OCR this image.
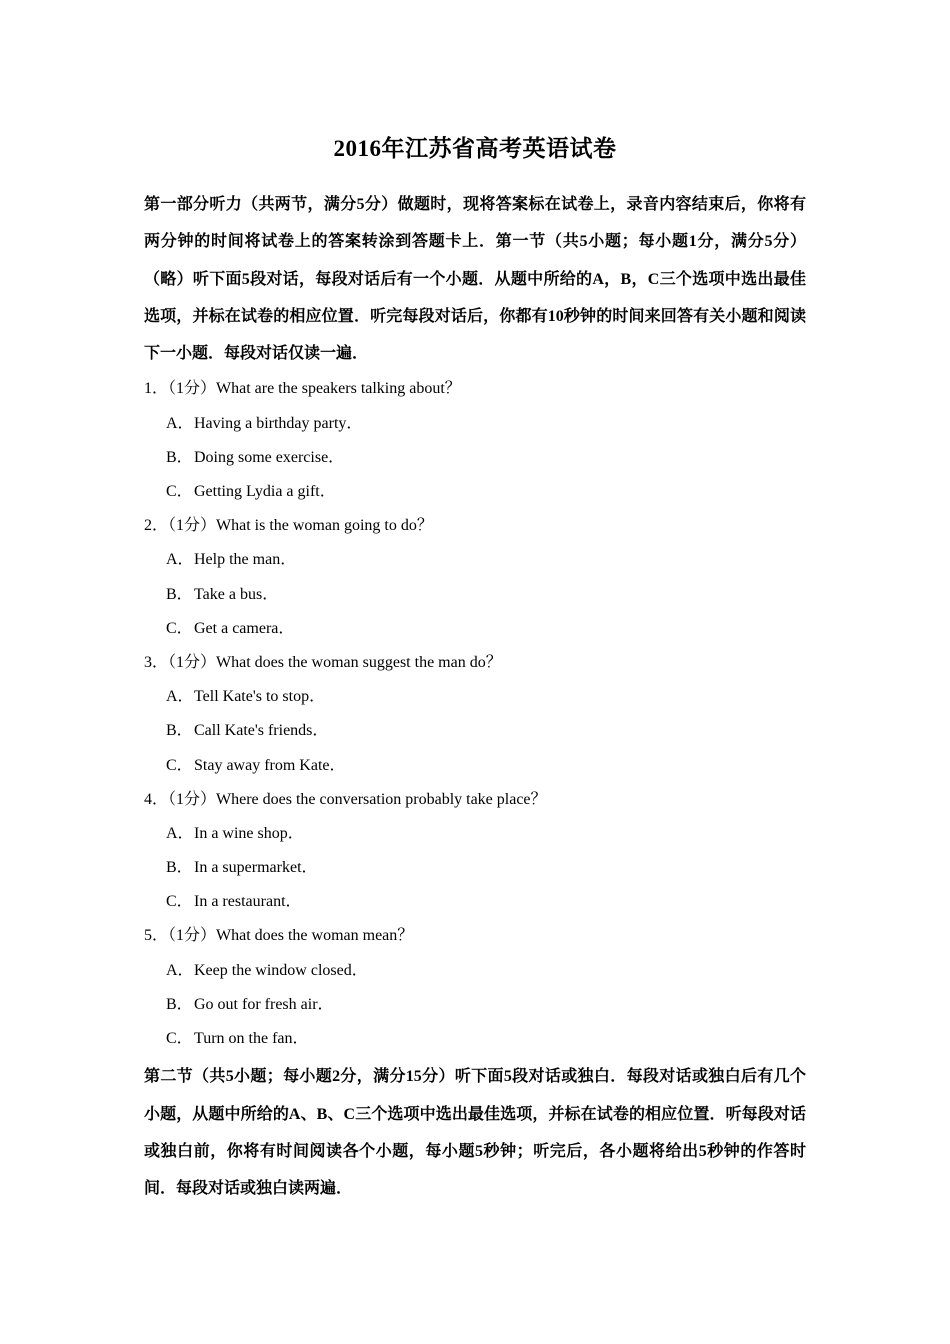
2016年江苏省高考英语试卷

第一部分听力（共两节，满分5分）做题时，现将答案标在试卷上，录音内容结束后，你将有两分钟的时间将试卷上的答案转涂到答题卡上．第一节（共5小题；每小题1分，满分5分）（略）听下面5段对话，每段对话后有一个小题．从题中所给的A，B，C三个选项中选出最佳选项，并标在试卷的相应位置．听完每段对话后，你都有10秒钟的时间来回答有关小题和阅读下一小题．每段对话仅读一遍．

1．（1分）What are the speakers talking about？
A．Having a birthday party．
B．Doing some exercise．
C．Getting Lydia a gift．
2．（1分）What is the woman going to do？
A．Help the man．
B．Take a bus．
C．Get a camera．
3．（1分）What does the woman suggest the man do？
A．Tell Kate's to stop．
B．Call Kate's friends．
C．Stay away from Kate．
4．（1分）Where does the conversation probably take place？
A．In a wine shop．
B．In a supermarket．
C．In a restaurant．
5．（1分）What does the woman mean？
A．Keep the window closed．
B．Go out for fresh air．
C．Turn on the fan．

第二节（共5小题；每小题2分，满分15分）听下面5段对话或独白．每段对话或独白后有几个小题，从题中所给的A、B、C三个选项中选出最佳选项，并标在试卷的相应位置．听每段对话或独白前，你将有时间阅读各个小题，每小题5秒钟；听完后，各小题将给出5秒钟的作答时间．每段对话或独白读两遍．
